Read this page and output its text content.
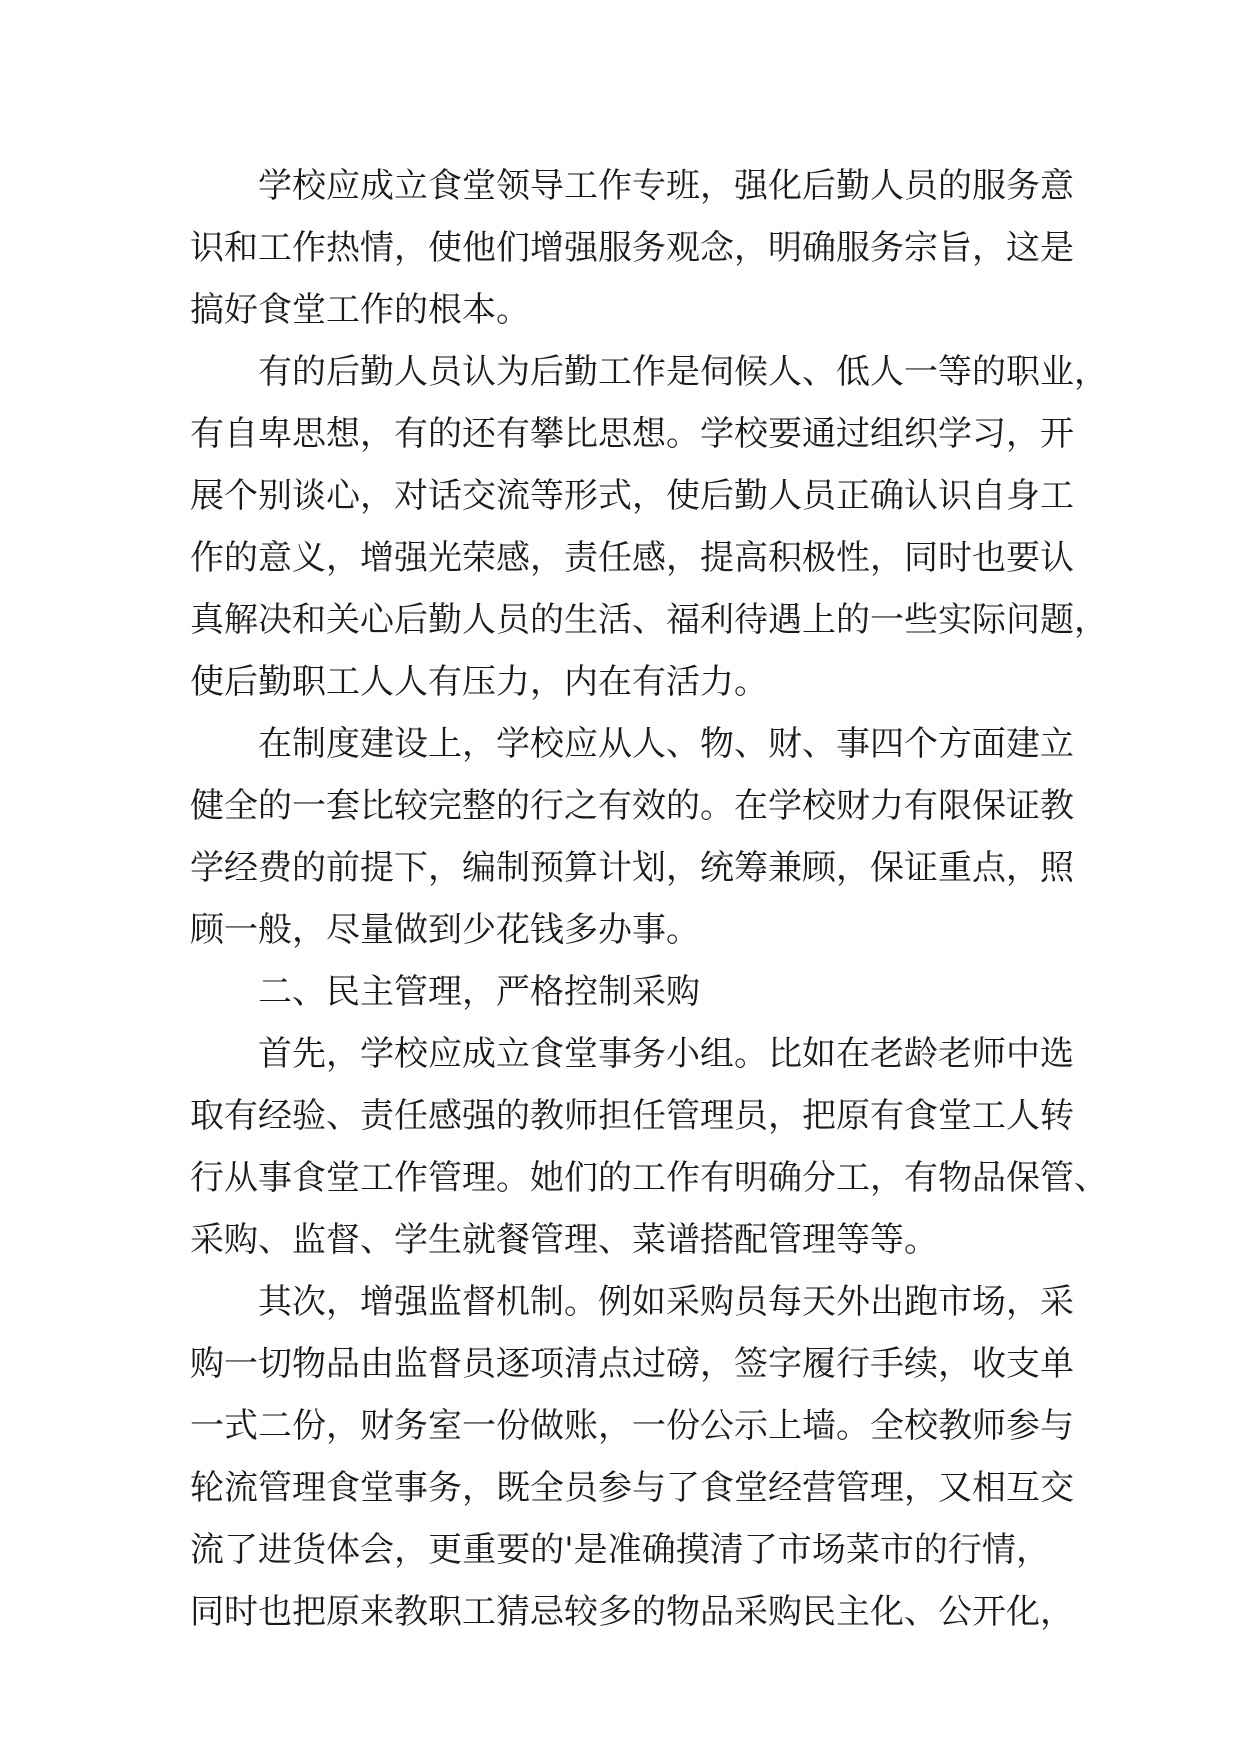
学校应成立食堂领导工作专班，强化后勤人员的服务意
识和工作热情，使他们增强服务观念，明确服务宗旨，这是
搞好食堂工作的根本。
有的后勤人员认为后勤工作是伺候人、低人一等的职业，
有自卑思想，有的还有攀比思想。学校要通过组织学习，开
展个别谈心，对话交流等形式，使后勤人员正确认识自身工
作的意义，增强光荣感，责任感，提高积极性，同时也要认
真解决和关心后勤人员的生活、福利待遇上的一些实际问题，
使后勤职工人人有压力，内在有活力。
在制度建设上，学校应从人、物、财、事四个方面建立
健全的一套比较完整的行之有效的。在学校财力有限保证教
学经费的前提下，编制预算计划，统筹兼顾，保证重点，照
顾一般，尽量做到少花钱多办事。
二、民主管理，严格控制采购
首先，学校应成立食堂事务小组。比如在老龄老师中选
取有经验、责任感强的教师担任管理员，把原有食堂工人转
行从事食堂工作管理。她们的工作有明确分工，有物品保管、
采购、监督、学生就餐管理、菜谱搭配管理等等。
其次，增强监督机制。例如采购员每天外出跑市场，采
购一切物品由监督员逐项清点过磅，签字履行手续，收支单
一式二份，财务室一份做账，一份公示上墙。全校教师参与
轮流管理食堂事务，既全员参与了食堂经营管理，又相互交
流了进货体会，更重要的'是准确摸清了市场菜市的行情，
同时也把原来教职工猜忌较多的物品采购民主化、公开化，
